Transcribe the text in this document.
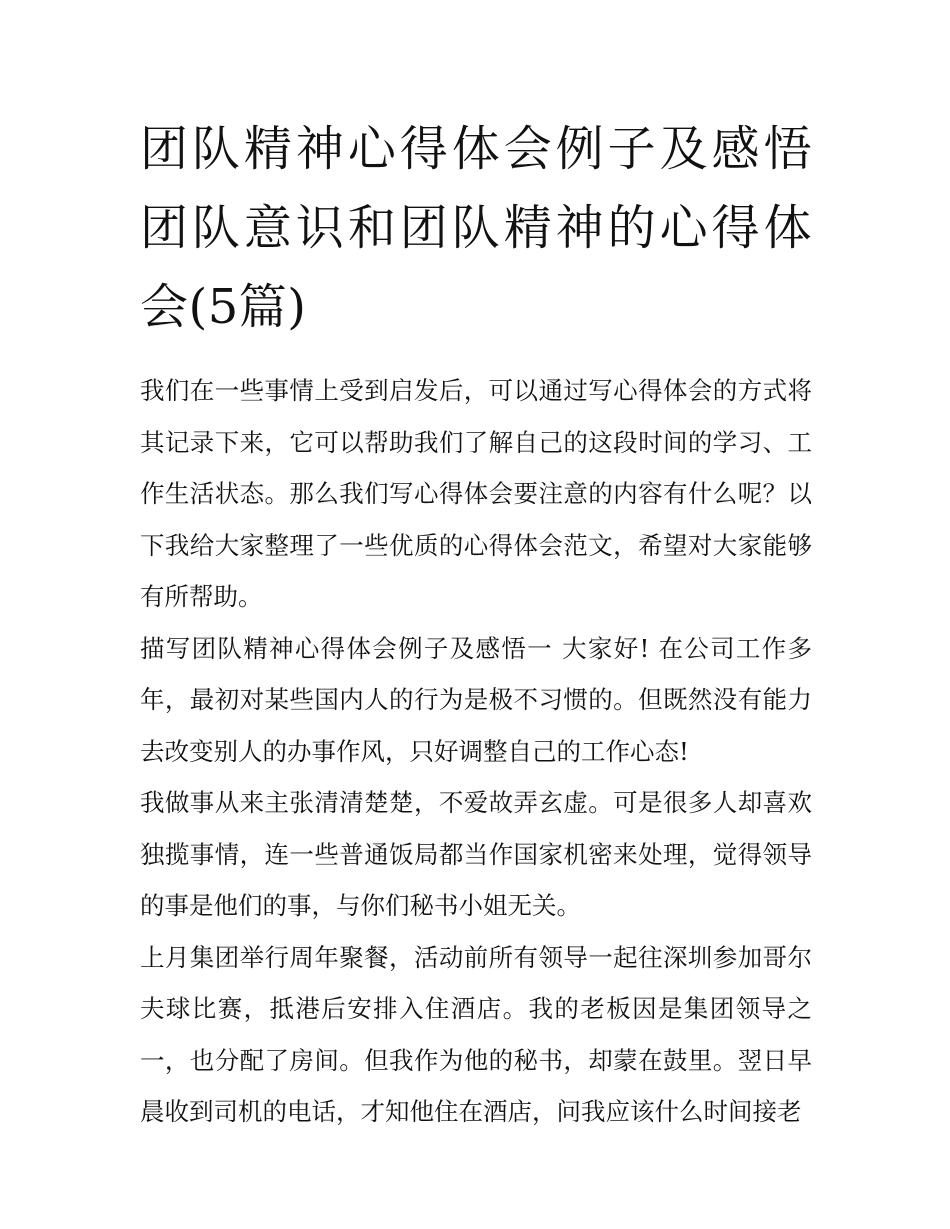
团队精神心得体会例子及感悟团队意识和团队精神的心得体会(5篇)

我们在一些事情上受到启发后，可以通过写心得体会的方式将其记录下来，它可以帮助我们了解自己的这段时间的学习、工作生活状态。那么我们写心得体会要注意的内容有什么呢？以下我给大家整理了一些优质的心得体会范文，希望对大家能够有所帮助。

描写团队精神心得体会例子及感悟一 大家好! 在公司工作多年，最初对某些国内人的行为是极不习惯的。但既然没有能力去改变别人的办事作风，只好调整自己的工作心态!

我做事从来主张清清楚楚，不爱故弄玄虚。可是很多人却喜欢独揽事情，连一些普通饭局都当作国家机密来处理，觉得领导的事是他们的事，与你们秘书小姐无关。

上月集团举行周年聚餐，活动前所有领导一起往深圳参加哥尔夫球比赛，抵港后安排入住酒店。我的老板因是集团领导之一，也分配了房间。但我作为他的秘书，却蒙在鼓里。翌日早晨收到司机的电话，才知他住在酒店，问我应该什么时间接老
